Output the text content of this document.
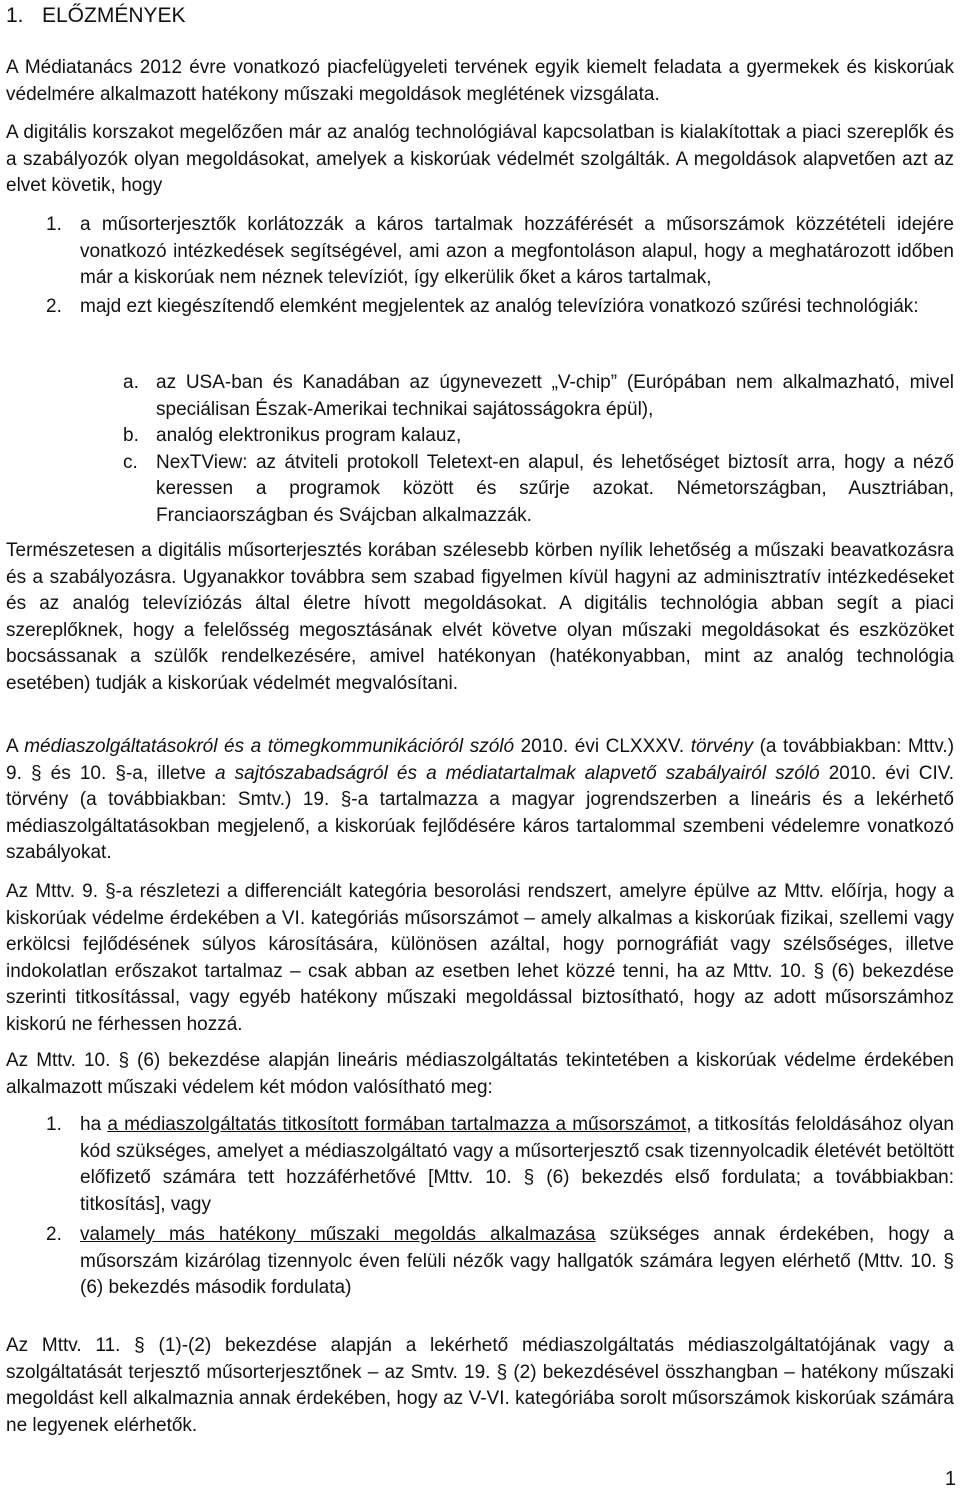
1. ELŐZMÉNYEK

A Médiatanács 2012 évre vonatkozó piacfelügyeleti tervének egyik kiemelt feladata a gyermekek és kiskorúak védelmére alkalmazott hatékony műszaki megoldások meglétének vizsgálata.

A digitális korszakot megelőzően már az analóg technológiával kapcsolatban is kialakítottak a piaci szereplők és a szabályozók olyan megoldásokat, amelyek a kiskorúak védelmét szolgálták. A megoldások alapvetően azt az elvet követik, hogy

1. a műsorterjesztők korlátozzák a káros tartalmak hozzáférését a műsorszámok közzétételi idejére vonatkozó intézkedések segítségével, ami azon a megfontoláson alapul, hogy a meghatározott időben már a kiskorúak nem néznek televíziót, így elkerülik őket a káros tartalmak,
2. majd ezt kiegészítendő elemként megjelentek az analóg televízióra vonatkozó szűrési technológiák:
a. az USA-ban és Kanadában az úgynevezett „V-chip” (Európában nem alkalmazható, mivel speciálisan Észak-Amerikai technikai sajátosságokra épül),
b. analóg elektronikus program kalauz,
c. NexTView: az átviteli protokoll Teletext-en alapul, és lehetőséget biztosít arra, hogy a néző keressen a programok között és szűrje azokat. Németországban, Ausztriában, Franciaországban és Svájcban alkalmazzák.

Természetesen a digitális műsorterjesztés korában szélesebb körben nyílik lehetőség a műszaki beavatkozásra és a szabályozásra. Ugyanakkor továbbra sem szabad figyelmen kívül hagyni az adminisztratív intézkedéseket és az analóg televíziózás által életre hívott megoldásokat. A digitális technológia abban segít a piaci szereplőknek, hogy a felelősség megosztásának elvét követve olyan műszaki megoldásokat és eszközöket bocsássanak a szülők rendelkezésére, amivel hatékonyan (hatékonyabban, mint az analóg technológia esetében) tudják a kiskorúak védelmét megvalósítani.

A médiaszolgáltatásokról és a tömegkommunikációról szóló 2010. évi CLXXXV. törvény (a továbbiakban: Mttv.) 9. § és 10. §-a, illetve a sajtószabadságról és a médiatartalmak alapvető szabályairól szóló 2010. évi CIV. törvény (a továbbiakban: Smtv.) 19. §-a tartalmazza a magyar jogrendszerben a lineáris és a lekérhető médiaszolgáltatásokban megjelenő, a kiskorúak fejlődésére káros tartalommal szembeni védelemre vonatkozó szabályokat.

Az Mttv. 9. §-a részletezi a differenciált kategória besorolási rendszert, amelyre épülve az Mttv. előírja, hogy a kiskorúak védelme érdekében a VI. kategóriás műsorszámot – amely alkalmas a kiskorúak fizikai, szellemi vagy erkölcsi fejlődésének súlyos károsítására, különösen azáltal, hogy pornográfiát vagy szélsőséges, illetve indokolatlan erőszakot tartalmaz – csak abban az esetben lehet közzé tenni, ha az Mttv. 10. § (6) bekezdése szerinti titkosítással, vagy egyéb hatékony műszaki megoldással biztosítható, hogy az adott műsorszámhoz kiskorú ne férhessen hozzá.

Az Mttv. 10. § (6) bekezdése alapján lineáris médiaszolgáltatás tekintetében a kiskorúak védelme érdekében alkalmazott műszaki védelem két módon valósítható meg:

1. ha a médiaszolgáltatás titkosított formában tartalmazza a műsorszámot, a titkosítás feloldásához olyan kód szükséges, amelyet a médiaszolgáltató vagy a műsorterjesztő csak tizennyolcadik életévét betöltött előfizető számára tett hozzáférhetővé [Mttv. 10. § (6) bekezdés első fordulata; a továbbiakban: titkosítás], vagy
2. valamely más hatékony műszaki megoldás alkalmazása szükséges annak érdekében, hogy a műsorszám kizárólag tizennyolc éven felüli nézők vagy hallgatók számára legyen elérhető (Mttv. 10. § (6) bekezdés második fordulata)

Az Mttv. 11. § (1)-(2) bekezdése alapján a lekérhető médiaszolgáltatás médiaszolgáltatójának vagy a szolgáltatását terjesztő műsorterjesztőnek – az Smtv. 19. § (2) bekezdésével összhangban – hatékony műszaki megoldást kell alkalmaznia annak érdekében, hogy az V-VI. kategóriába sorolt műsorszámok kiskorúak számára ne legyenek elérhetők.

1
